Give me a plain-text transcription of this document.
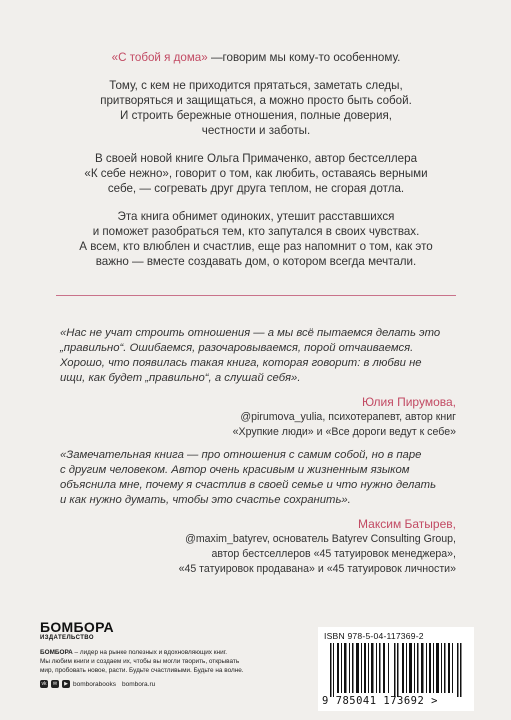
«С тобой я дома» —говорим мы кому-то особенному.

Тому, с кем не приходится прятаться, заметать следы,
притворяться и защищаться, а можно просто быть собой.
И строить бережные отношения, полные доверия,
честности и заботы.

В своей новой книге Ольга Примаченко, автор бестселлера
«К себе нежно», говорит о том, как любить, оставаясь верными
себе, — согревать друг друга теплом, не сгорая дотла.

Эта книга обнимет одиноких, утешит расставшихся
и поможет разобраться тем, кто запутался в своих чувствах.
А всем, кто влюблен и счастлив, еще раз напомнит о том, как это
важно — вместе создавать дом, о котором всегда мечтали.

«Нас не учат строить отношения — а мы всё пытаемся делать это
„правильно“. Ошибаемся, разочаровываемся, порой отчаиваемся.
Хорошо, что появилась такая книга, которая говорит: в любви не
ищи, как будет „правильно“, а слушай себя».
Юлия Пирумова,
@pirumova_yulia, психотерапевт, автор книг
«Хрупкие люди» и «Все дороги ведут к себе»
«Замечательная книга — про отношения с самим собой, но в паре
с другим человеком. Автор очень красивым и жизненным языком
объяснила мне, почему я счастлив в своей семье и что нужно делать
и как нужно думать, чтобы это счастье сохранить».
Максим Батырев,
@maxim_batyrev, основатель Batyrev Consulting Group,
автор бестселлеров «45 татуировок менеджера»,
«45 татуировок продавана» и «45 татуировок личности»
БОМБОРА
ИЗДАТЕЛЬСТВО
БОМБОРА – лидер на рынке полезных и вдохновляющих книг.
Мы любим книги и создаем их, чтобы вы могли творить, открывать
мир, пробовать новое, расти. Будьте счастливыми. Будьте на волне.
vk	✉	▶ bomborabooks bombora.ru
ISBN 978-5-04-117369-2
9 785041 173692 >
